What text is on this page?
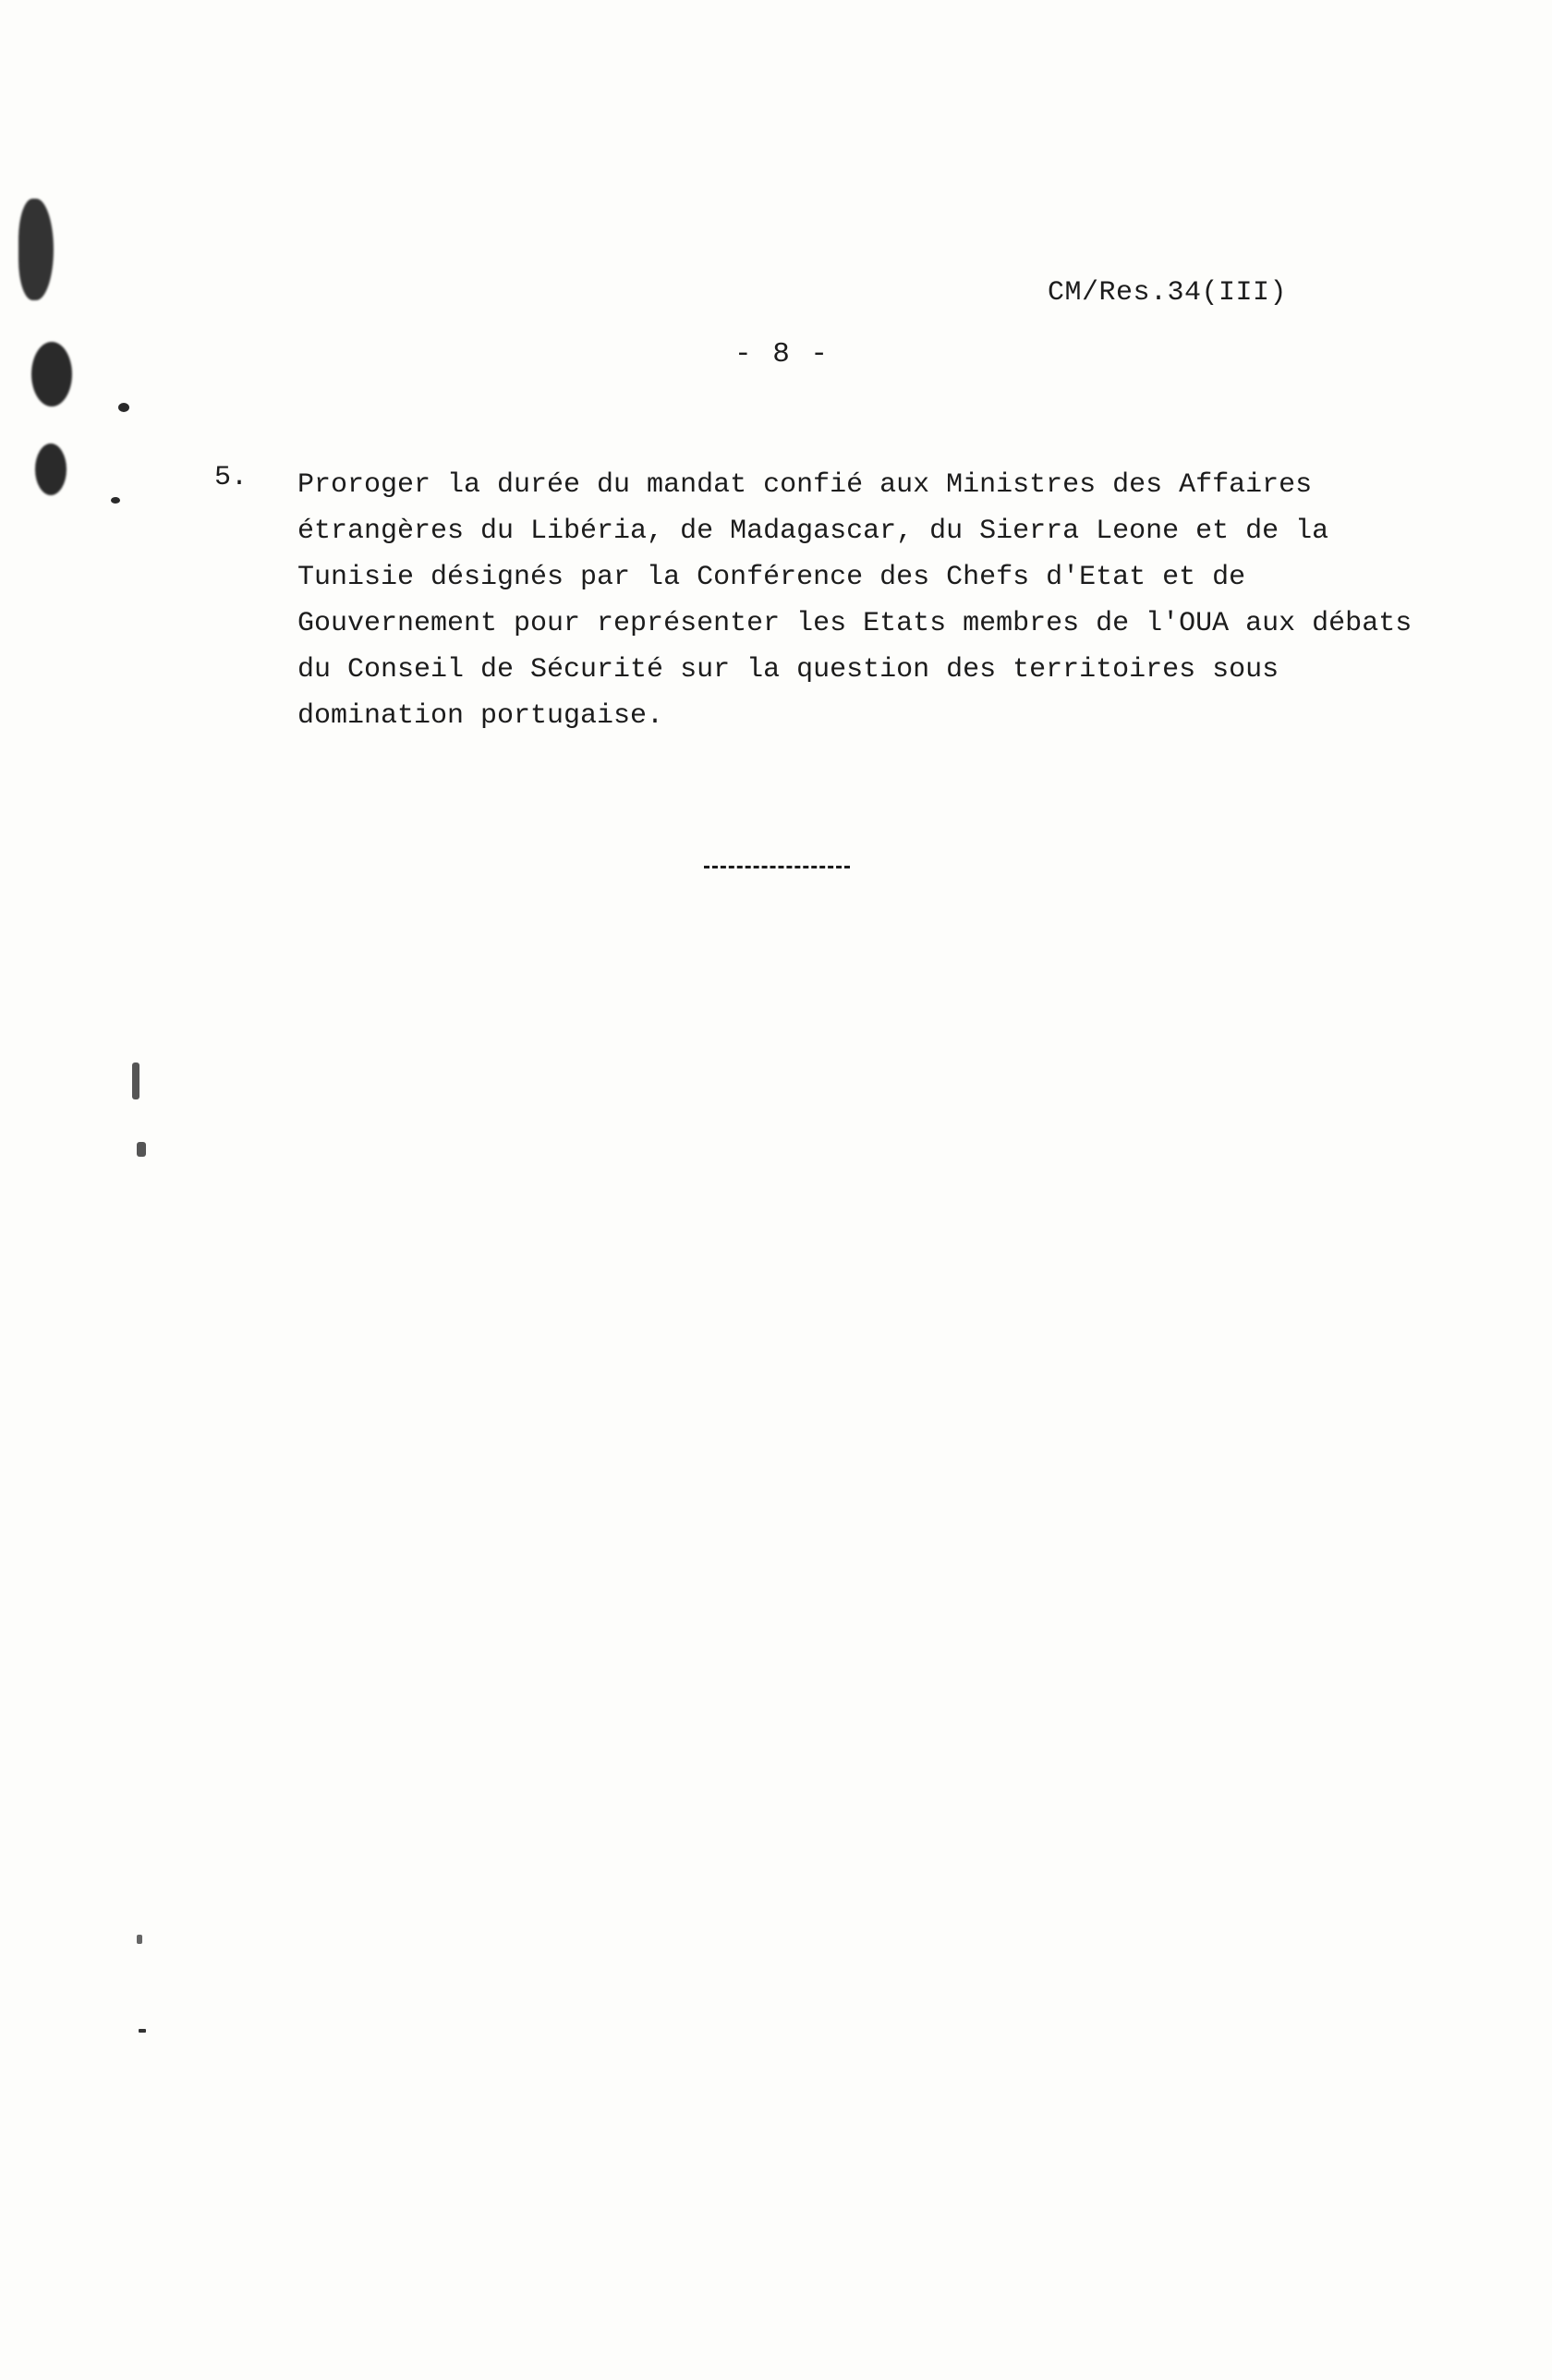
CM/Res.34(III)
- 8 -
5. Proroger la durée du mandat confié aux Ministres des Affaires
étrangères du Libéria, de Madagascar, du Sierra Leone et de la
Tunisie désignés par la Conférence des Chefs d'Etat et de
Gouvernement pour représenter les Etats membres de l'OUA aux débats
du Conseil de Sécurité sur la question des territoires sous
domination portugaise.
